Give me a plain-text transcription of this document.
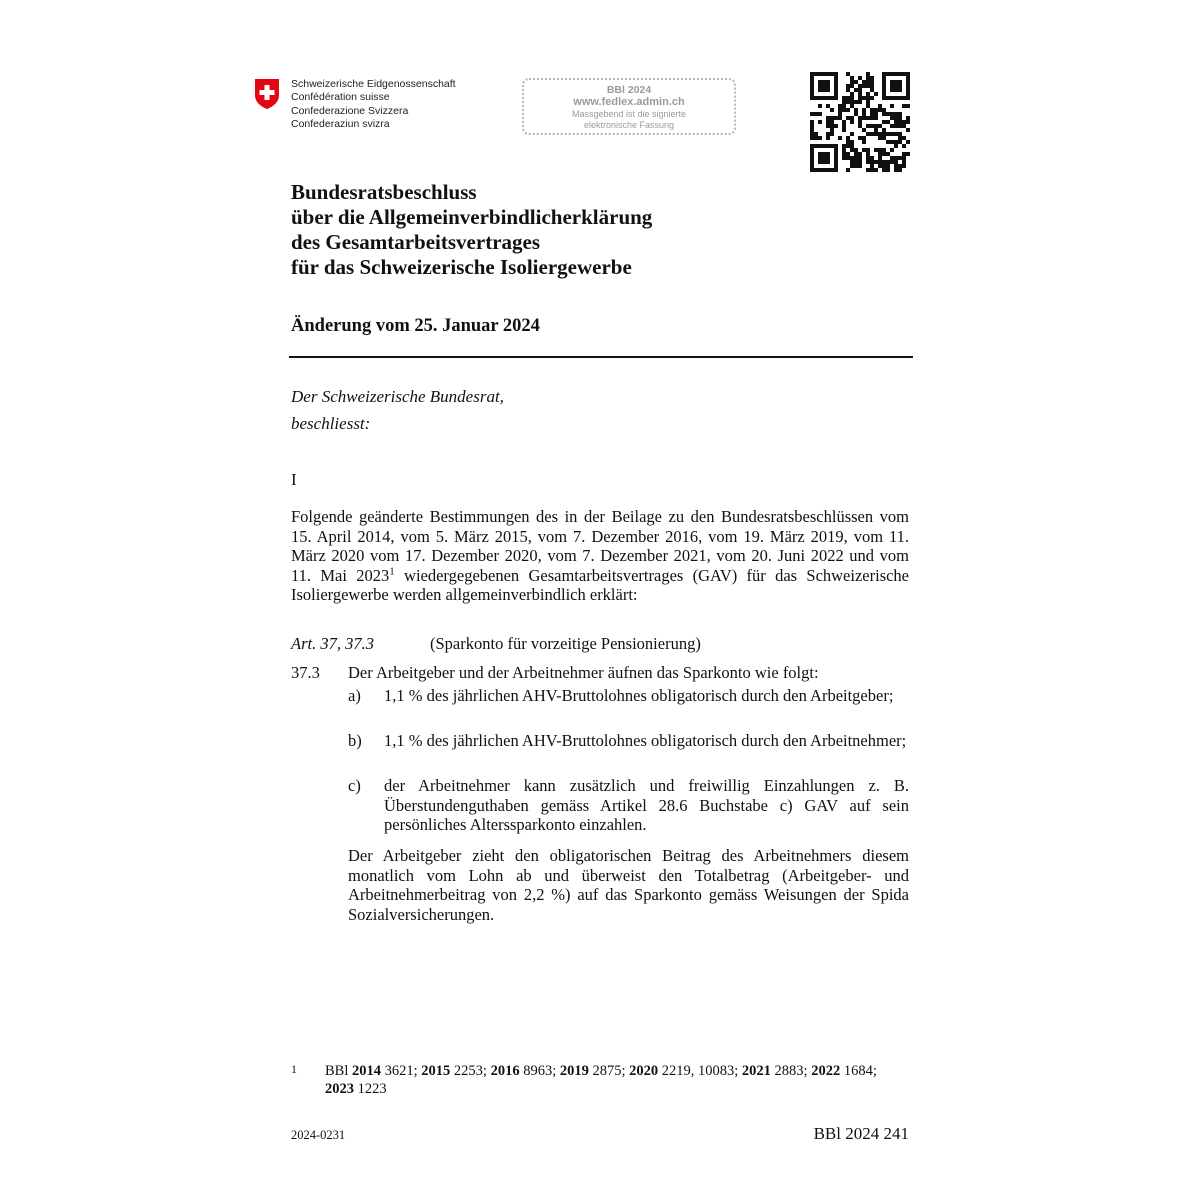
Schweizerische Eidgenossenschaft
Confédération suisse
Confederazione Svizzera
Confederaziun svizra
BBl 2024
www.fedlex.admin.ch
Massgebend ist die signierte
elektronische Fassung
Bundesratsbeschluss
über die Allgemeinverbindlicherklärung
des Gesamtarbeitsvertrages
für das Schweizerische Isoliergewerbe
Änderung vom 25. Januar 2024
Der Schweizerische Bundesrat,
beschliesst:
I
Folgende geänderte Bestimmungen des in der Beilage zu den Bundesratsbeschlüssen vom 15. April 2014, vom 5. März 2015, vom 7. Dezember 2016, vom 19. März 2019, vom 11. März 2020 vom 17. Dezember 2020, vom 7. Dezember 2021, vom 20. Juni 2022 und vom 11. Mai 2023$^1$ wiedergegebenen Gesamtarbeitsvertrages (GAV) für das Schweizerische Isoliergewerbe werden allgemeinverbindlich erklärt:
Art. 37, 37.3	(Sparkonto für vorzeitige Pensionierung)
37.3 Der Arbeitgeber und der Arbeitnehmer äufnen das Sparkonto wie folgt:
a) 1,1 % des jährlichen AHV-Bruttolohnes obligatorisch durch den Arbeitgeber;
b) 1,1 % des jährlichen AHV-Bruttolohnes obligatorisch durch den Arbeitnehmer;
c) der Arbeitnehmer kann zusätzlich und freiwillig Einzahlungen z. B. Überstundenguthaben gemäss Artikel 28.6 Buchstabe c) GAV auf sein persönliches Alterssparkonto einzahlen.
Der Arbeitgeber zieht den obligatorischen Beitrag des Arbeitnehmers diesem monatlich vom Lohn ab und überweist den Totalbetrag (Arbeitgeber- und Arbeitnehmerbeitrag von 2,2 %) auf das Sparkonto gemäss Weisungen der Spida Sozialversicherungen.
1 BBl 2014 3621; 2015 2253; 2016 8963; 2019 2875; 2020 2219, 10083; 2021 2883; 2022 1684; 2023 1223
2024-0231	BBl 2024 241
